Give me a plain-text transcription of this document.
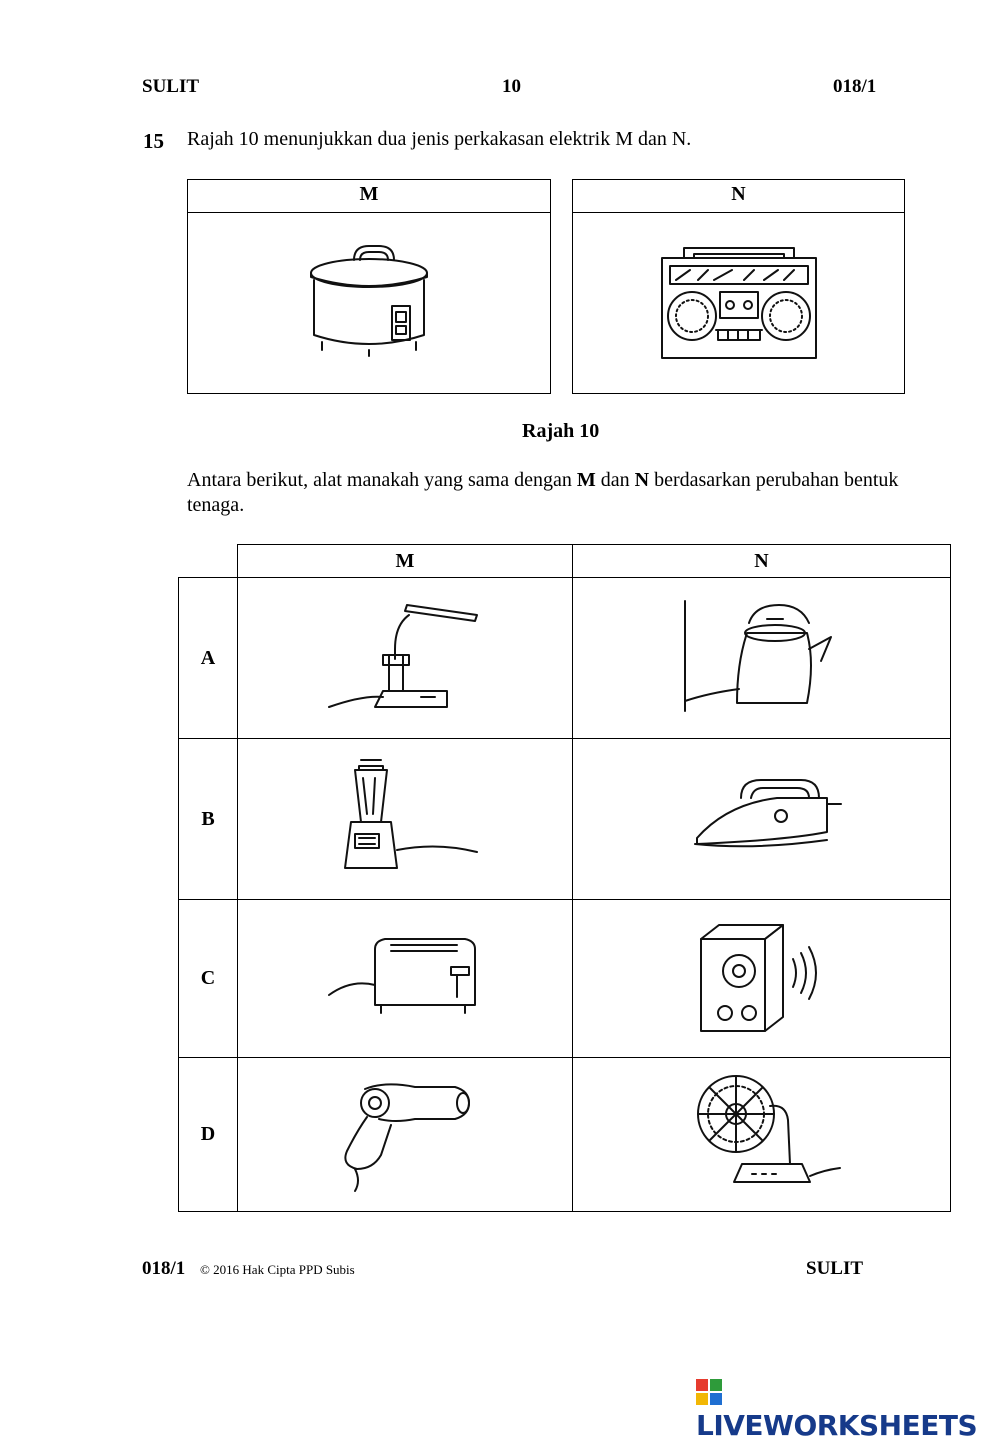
SULIT	10	018/1
15 Rajah 10 menunjukkan dua jenis perkakasan elektrik M dan N.
M	N
Rajah 10
Antara berikut, alat manakah yang sama dengan M dan N berdasarkan perubahan bentuk tenaga.
	M	N
A	

B	

C	

D	

018/1 © 2016 Hak Cipta PPD Subis	SULIT
LIVEWORKSHEETS
